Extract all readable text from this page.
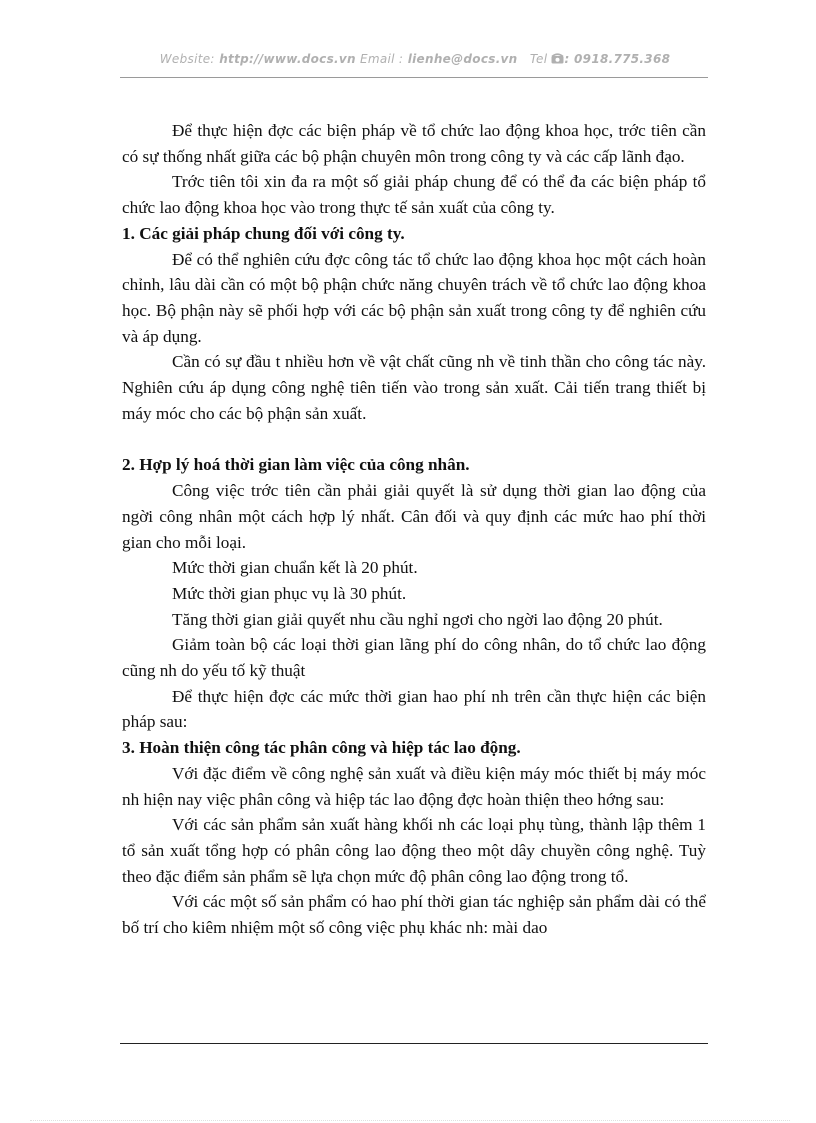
Website: http://www.docs.vn Email : lienhe@docs.vn Tel : 0918.775.368

Để thực hiện đợc các biện pháp về tổ chức lao động khoa học, trớc tiên cần có sự thống nhất giữa các bộ phận chuyên môn trong công ty và các cấp lãnh đạo.

Trớc tiên tôi xin đa ra một số giải pháp chung để có thể đa các biện pháp tổ chức lao động khoa học vào trong thực tế sản xuất của công ty.

1. Các giải pháp chung đối với công ty.

Để có thể nghiên cứu đợc công tác tổ chức lao động khoa học một cách hoàn chỉnh, lâu dài cần có một bộ phận chức năng chuyên trách về tổ chức lao động khoa học. Bộ phận này sẽ phối hợp với các bộ phận sản xuất trong công ty để nghiên cứu và áp dụng.

Cần có sự đầu t nhiều hơn về vật chất cũng nh về tinh thần cho công tác này. Nghiên cứu áp dụng công nghệ tiên tiến vào trong sản xuất. Cải tiến trang thiết bị máy móc cho các bộ phận sản xuất.

2. Hợp lý hoá thời gian làm việc của công nhân.

Công việc trớc tiên cần phải giải quyết là sử dụng thời gian lao động của ngời công nhân một cách hợp lý nhất. Cân đối và quy định các mức hao phí thời gian cho mỗi loại.

Mức thời gian chuẩn kết là 20 phút.

Mức thời gian phục vụ là 30 phút.

Tăng thời gian giải quyết nhu cầu nghỉ ngơi cho ngời lao động 20 phút.

Giảm toàn bộ các loại thời gian lãng phí do công nhân, do tổ chức lao động cũng nh do yếu tố kỹ thuật

Để thực hiện đợc các mức thời gian hao phí nh trên cần thực hiện các biện pháp sau:

3. Hoàn thiện công tác phân công và hiệp tác lao động.

Với đặc điểm về công nghệ sản xuất và điều kiện máy móc thiết bị máy móc nh hiện nay việc phân công và hiệp tác lao động đợc hoàn thiện theo hớng sau:

Với các sản phẩm sản xuất hàng khối nh các loại phụ tùng, thành lập thêm 1 tổ sản xuất tổng hợp có phân công lao động theo một dây chuyền công nghệ. Tuỳ theo đặc điểm sản phẩm sẽ lựa chọn mức độ phân công lao động trong tổ.

Với các một số sản phẩm có hao phí thời gian tác nghiệp sản phẩm dài có thể bố trí cho kiêm nhiệm một số công việc phụ khác nh: mài dao
